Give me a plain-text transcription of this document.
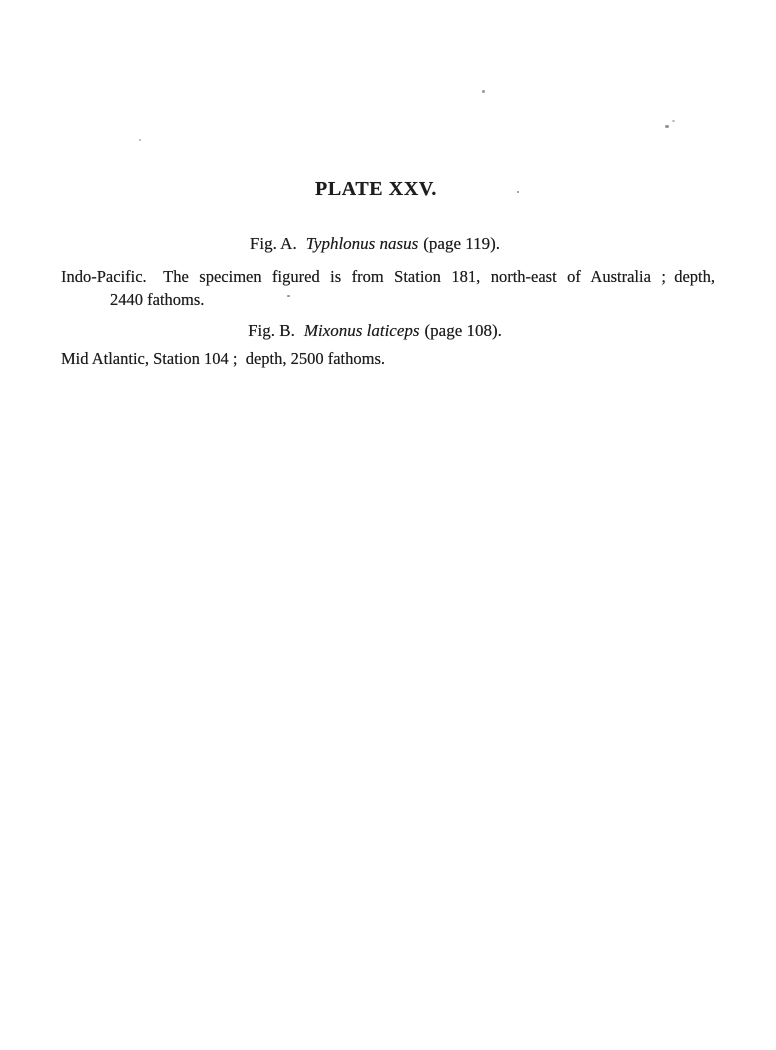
PLATE XXV.
Fig. A. Typhlonus nasus (page 119).

Indo-Pacific. The specimen figured is from Station 181, north-east of Australia ; depth,

2440 fathoms.

Fig. B. Mixonus laticeps (page 108).

Mid Atlantic, Station 104 ; depth, 2500 fathoms.
